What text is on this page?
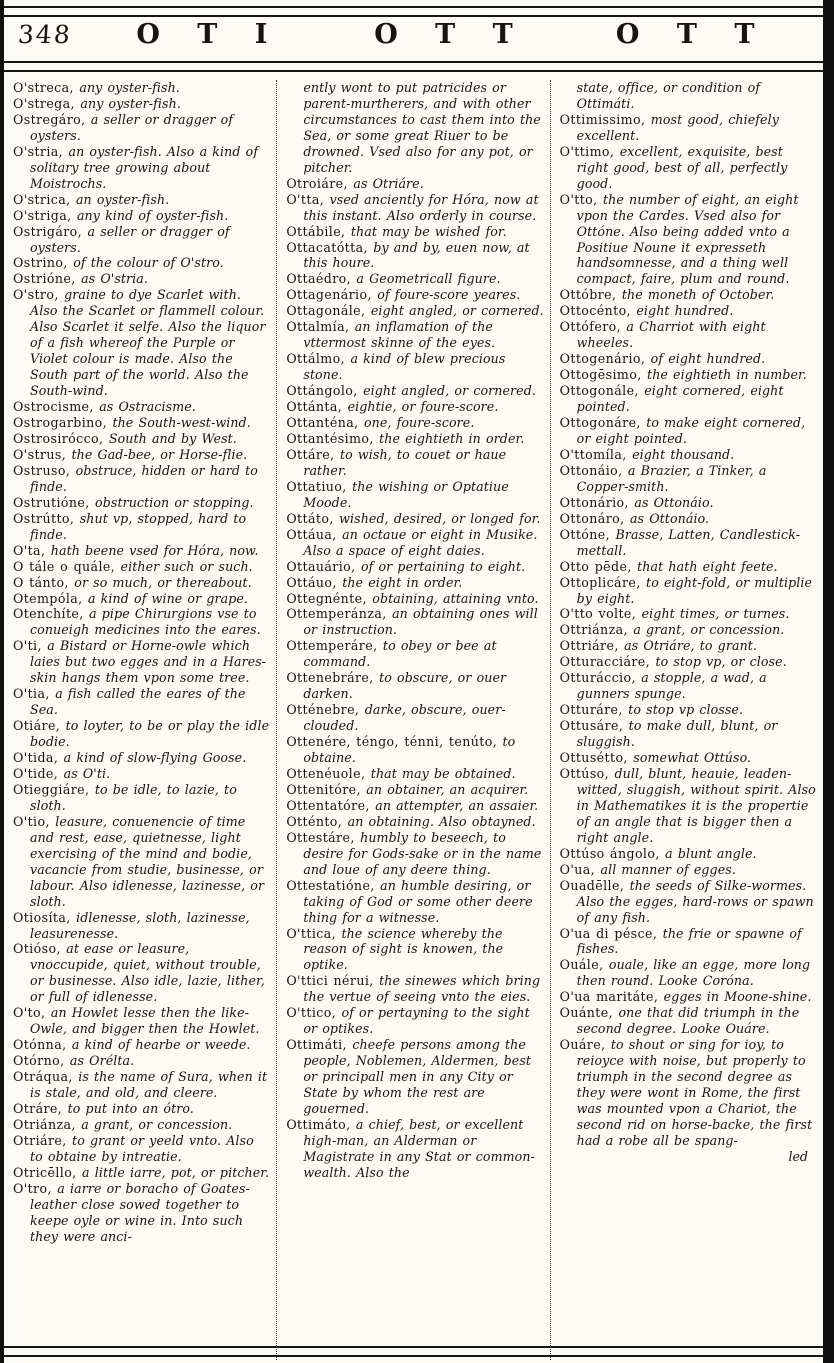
348	O T I	O T T	O T T
O'streca, any oyster-fish.
O'strega, any oyster-fish.
Ostregáro, a seller or dragger of oysters.
O'stria, an oyster-fish. Also a kind of solitary tree growing about Moistrochs.
O'strica, an oyster-fish.
O'striga, any kind of oyster-fish.
Ostrigáro, a seller or dragger of oysters.
Ostrino, of the colour of O'stro.
Ostrióne, as O'stria.
O'stro, graine to dye Scarlet with. Also the Scarlet or flammell colour. Also Scarlet it selfe. Also the liquor of a fish whereof the Purple or Violet colour is made. Also the South part of the world. Also the South-wind.
Ostrocisme, as Ostracisme.
Ostrogarbino, the South-west-wind.
Ostrosirócco, South and by West.
O'strus, the Gad-bee, or Horse-flie.
Ostruso, obstruce, hidden or hard to finde.
Ostrutióne, obstruction or stopping.
Ostrútto, shut vp, stopped, hard to finde.
O'ta, hath beene vsed for Hóra, now.
O tále o quále, either such or such.
O tánto, or so much, or thereabout.
Otempóla, a kind of wine or grape.
Otenchíte, a pipe Chirurgions vse to conueigh medicines into the eares.
O'ti, a Bistard or Horne-owle which laies but two egges and in a Hares-skin hangs them vpon some tree.
O'tia, a fish called the eares of the Sea.
Otiáre, to loyter, to be or play the idle bodie.
O'tida, a kind of slow-flying Goose.
O'tide, as O'ti.
Otieggiáre, to be idle, to lazie, to sloth.
O'tio, leasure, conuenencie of time and rest, ease, quietnesse, light exercising of the mind and bodie, vacancie from studie, businesse, or labour. Also idlenesse, lazinesse, or sloth.
Otiosíta, idlenesse, sloth, lazinesse, leasurenesse.
Otióso, at ease or leasure, vnoccupide, quiet, without trouble, or businesse. Also idle, lazie, lither, or full of idlenesse.
O'to, an Howlet lesse then the like-Owle, and bigger then the Howlet.
Otónna, a kind of hearbe or weede.
Otórno, as Orélta.
Otráqua, is the name of Sura, when it is stale, and old, and cleere.
Otráre, to put into an ótro.
Otriánza, a grant, or concession.
Otriáre, to grant or yeeld vnto. Also to obtaine by intreatie.
Otricēllo, a little iarre, pot, or pitcher.
O'tro, a iarre or boracho of Goates-leather close sowed together to keepe oyle or wine in. Into such they were anci-
ently wont to put patricides or parent-murtherers, and with other circumstances to cast them into the Sea, or some great Riuer to be drowned. Vsed also for any pot, or pitcher.
Otroiáre, as Otriáre.
O'tta, vsed anciently for Hóra, now at this instant. Also orderly in course.
Ottábile, that may be wished for.
Ottacatótta, by and by, euen now, at this houre.
Ottaédro, a Geometricall figure.
Ottagenário, of foure-score yeares.
Ottagonále, eight angled, or cornered.
Ottalmía, an inflamation of the vttermost skinne of the eyes.
Ottálmo, a kind of blew precious stone.
Ottángolo, eight angled, or cornered.
Ottánta, eightie, or foure-score.
Ottanténa, one, foure-score.
Ottantésimo, the eightieth in order.
Ottáre, to wish, to couet or haue rather.
Ottatiuo, the wishing or Optatiue Moode.
Ottáto, wished, desired, or longed for.
Ottáua, an octaue or eight in Musike. Also a space of eight daies.
Ottauário, of or pertaining to eight.
Ottáuo, the eight in order.
Ottegnénte, obtaining, attaining vnto.
Ottemperánza, an obtaining ones will or instruction.
Ottemperáre, to obey or bee at command.
Ottenebráre, to obscure, or ouer darken.
Otténebre, darke, obscure, ouer-clouded.
Ottenére, téngo, ténni, tenúto, to obtaine.
Ottenéuole, that may be obtained.
Ottenitóre, an obtainer, an acquirer.
Ottentatóre, an attempter, an assaier.
Otténto, an obtaining. Also obtayned.
Ottestáre, humbly to beseech, to desire for Gods-sake or in the name and loue of any deere thing.
Ottestatióne, an humble desiring, or taking of God or some other deere thing for a witnesse.
O'ttica, the science whereby the reason of sight is knowen, the optike.
O'ttici nérui, the sinewes which bring the vertue of seeing vnto the eies.
O'ttico, of or pertayning to the sight or optikes.
Ottimáti, cheefe persons among the people, Noblemen, Aldermen, best or principall men in any City or State by whom the rest are gouerned.
Ottimáto, a chief, best, or excellent high-man, an Alderman or Magistrate in any Stat or common-wealth. Also the
state, office, or condition of Ottimáti.
Ottimissimo, most good, chiefely excellent.
O'ttimo, excellent, exquisite, best right good, best of all, perfectly good.
O'tto, the number of eight, an eight vpon the Cardes. Vsed also for Ottóne. Also being added vnto a Positiue Noune it expresseth handsomnesse, and a thing well compact, faire, plum and round.
Ottóbre, the moneth of October.
Ottocénto, eight hundred.
Ottófero, a Charriot with eight wheeles.
Ottogenário, of eight hundred.
Ottogēsimo, the eightieth in number.
Ottogonále, eight cornered, eight pointed.
Ottogonáre, to make eight cornered, or eight pointed.
O'ttomíla, eight thousand.
Ottonáio, a Brazier, a Tinker, a Copper-smith.
Ottonário, as Ottonáio.
Ottonáro, as Ottonáio.
Ottóne, Brasse, Latten, Candlestick-mettall.
Otto pēde, that hath eight feete.
Ottoplicáre, to eight-fold, or multiplie by eight.
O'tto volte, eight times, or turnes.
Ottriánza, a grant, or concession.
Ottriáre, as Otriáre, to grant.
Otturacciáre, to stop vp, or close.
Otturáccio, a stopple, a wad, a gunners spunge.
Otturáre, to stop vp closse.
Ottusáre, to make dull, blunt, or sluggish.
Ottusétto, somewhat Ottúso.
Ottúso, dull, blunt, heauie, leaden-witted, sluggish, without spirit. Also in Mathematikes it is the propertie of an angle that is bigger then a right angle.
Ottúso ángolo, a blunt angle.
O'ua, all manner of egges.
Ouadēlle, the seeds of Silke-wormes. Also the egges, hard-rows or spawn of any fish.
O'ua di pésce, the frie or spawne of fishes.
Ouále, ouale, like an egge, more long then round. Looke Coróna.
O'ua maritáte, egges in Moone-shine.
Ouánte, one that did triumph in the second degree. Looke Ouáre.
Ouáre, to shout or sing for ioy, to reioyce with noise, but properly to triumph in the second degree as they were wont in Rome, the first was mounted vpon a Chariot, the second rid on horse-backe, the first had a robe all be spang-
led
